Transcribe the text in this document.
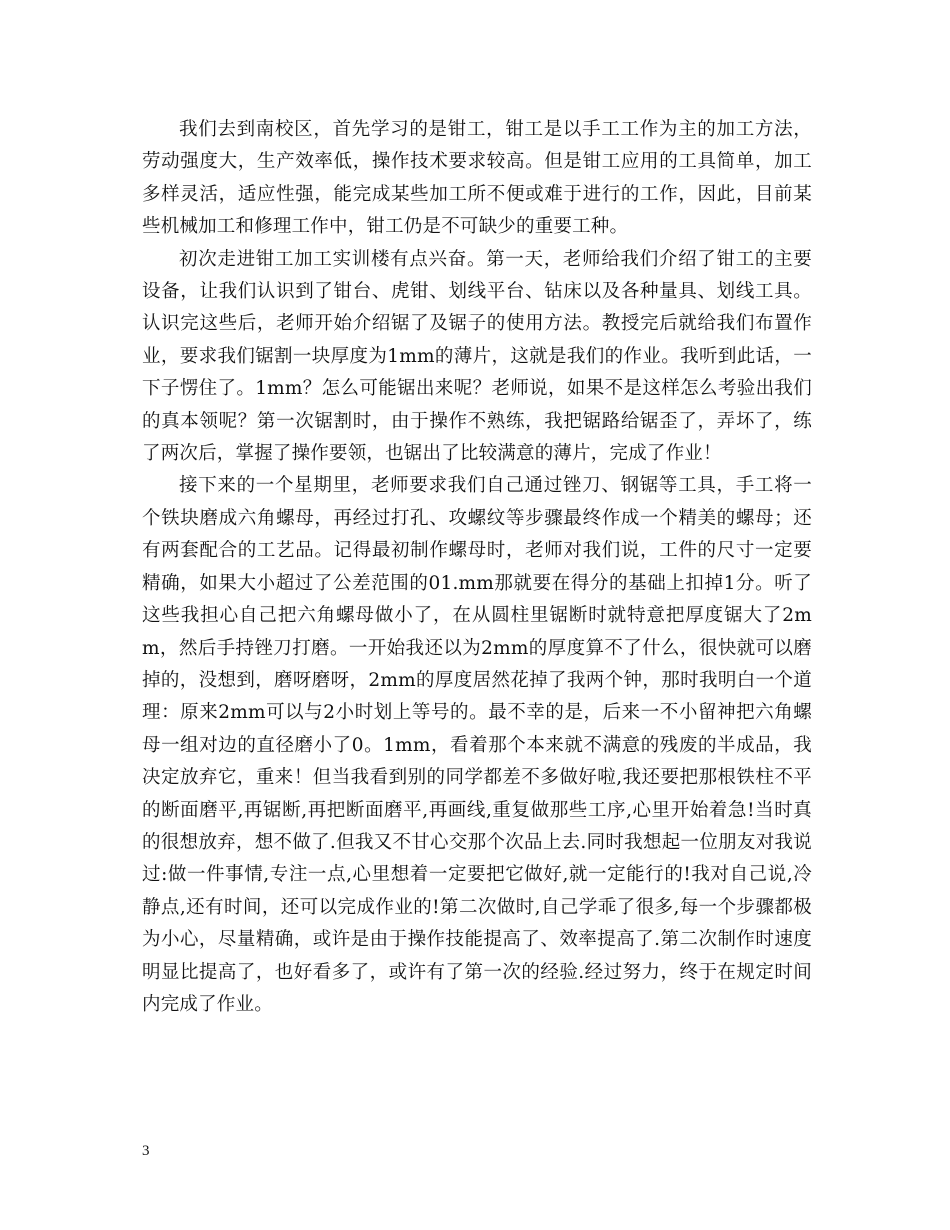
我们去到南校区，首先学习的是钳工，钳工是以手工工作为主的加工方法，劳动强度大，生产效率低，操作技术要求较高。但是钳工应用的工具简单，加工多样灵活，适应性强，能完成某些加工所不便或难于进行的工作，因此，目前某些机械加工和修理工作中，钳工仍是不可缺少的重要工种。

初次走进钳工加工实训楼有点兴奋。第一天，老师给我们介绍了钳工的主要设备，让我们认识到了钳台、虎钳、划线平台、钻床以及各种量具、划线工具。认识完这些后，老师开始介绍锯了及锯子的使用方法。教授完后就给我们布置作业，要求我们锯割一块厚度为1mm的薄片，这就是我们的作业。我听到此话，一下子愣住了。1mm？怎么可能锯出来呢？老师说，如果不是这样怎么考验出我们的真本领呢？第一次锯割时，由于操作不熟练，我把锯路给锯歪了，弄坏了，练了两次后，掌握了操作要领，也锯出了比较满意的薄片，完成了作业！

接下来的一个星期里，老师要求我们自己通过锉刀、钢锯等工具，手工将一个铁块磨成六角螺母，再经过打孔、攻螺纹等步骤最终作成一个精美的螺母；还有两套配合的工艺品。记得最初制作螺母时，老师对我们说，工件的尺寸一定要精确，如果大小超过了公差范围的01.mm那就要在得分的基础上扣掉1分。听了这些我担心自己把六角螺母做小了，在从圆柱里锯断时就特意把厚度锯大了2mm，然后手持锉刀打磨。一开始我还以为2mm的厚度算不了什么，很快就可以磨掉的，没想到，磨呀磨呀，2mm的厚度居然花掉了我两个钟，那时我明白一个道理：原来2mm可以与2小时划上等号的。最不幸的是，后来一不小留神把六角螺母一组对边的直径磨小了0。1mm，看着那个本来就不满意的残废的半成品，我决定放弃它，重来！但当我看到别的同学都差不多做好啦,我还要把那根铁柱不平的断面磨平,再锯断,再把断面磨平,再画线,重复做那些工序,心里开始着急!当时真的很想放弃，想不做了.但我又不甘心交那个次品上去.同时我想起一位朋友对我说过:做一件事情,专注一点,心里想着一定要把它做好,就一定能行的!我对自己说,冷静点,还有时间，还可以完成作业的!第二次做时,自己学乖了很多,每一个步骤都极为小心，尽量精确，或许是由于操作技能提高了、效率提高了.第二次制作时速度明显比提高了，也好看多了，或许有了第一次的经验.经过努力，终于在规定时间内完成了作业。

3
